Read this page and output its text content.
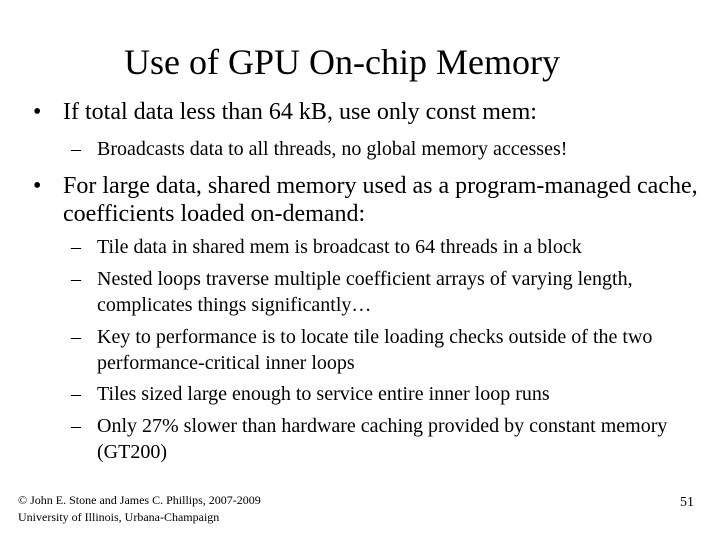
Use of GPU On-chip Memory
• If total data less than 64 kB, use only const mem:
– Broadcasts data to all threads, no global memory accesses!
• For large data, shared memory used as a program-managed cache, coefficients loaded on-demand:
– Tile data in shared mem is broadcast to 64 threads in a block
– Nested loops traverse multiple coefficient arrays of varying length, complicates things significantly…
– Key to performance is to locate tile loading checks outside of the two performance-critical inner loops
– Tiles sized large enough to service entire inner loop runs
– Only 27% slower than hardware caching provided by constant memory (GT200)
© John E. Stone and James C. Phillips, 2007-2009
University of Illinois, Urbana-Champaign
51
